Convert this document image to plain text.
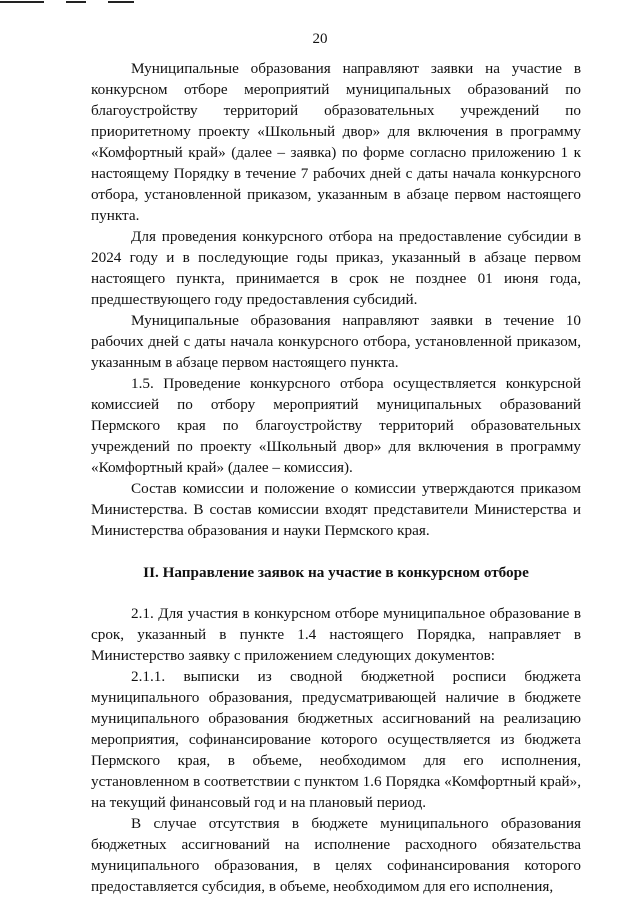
20

Муниципальные образования направляют заявки на участие в конкурсном отборе мероприятий муниципальных образований по благоустройству территорий образовательных учреждений по приоритетному проекту «Школьный двор» для включения в программу «Комфортный край» (далее – заявка) по форме согласно приложению 1 к настоящему Порядку в течение 7 рабочих дней с даты начала конкурсного отбора, установленной приказом, указанным в абзаце первом настоящего пункта.

Для проведения конкурсного отбора на предоставление субсидии в 2024 году и в последующие годы приказ, указанный в абзаце первом настоящего пункта, принимается в срок не позднее 01 июня года, предшествующего году предоставления субсидий.

Муниципальные образования направляют заявки в течение 10 рабочих дней с даты начала конкурсного отбора, установленной приказом, указанным в абзаце первом настоящего пункта.

1.5. Проведение конкурсного отбора осуществляется конкурсной комиссией по отбору мероприятий муниципальных образований Пермского края по благоустройству территорий образовательных учреждений по проекту «Школьный двор» для включения в программу «Комфортный край» (далее – комиссия).

Состав комиссии и положение о комиссии утверждаются приказом Министерства. В состав комиссии входят представители Министерства и Министерства образования и науки Пермского края.

II. Направление заявок на участие в конкурсном отборе

2.1. Для участия в конкурсном отборе муниципальное образование в срок, указанный в пункте 1.4 настоящего Порядка, направляет в Министерство заявку с приложением следующих документов:

2.1.1. выписки из сводной бюджетной росписи бюджета муниципального образования, предусматривающей наличие в бюджете муниципального образования бюджетных ассигнований на реализацию мероприятия, софинансирование которого осуществляется из бюджета Пермского края, в объеме, необходимом для его исполнения, установленном в соответствии с пунктом 1.6 Порядка «Комфортный край», на текущий финансовый год и на плановый период.

В случае отсутствия в бюджете муниципального образования бюджетных ассигнований на исполнение расходного обязательства муниципального образования, в целях софинансирования которого предоставляется субсидия, в объеме, необходимом для его исполнения,
